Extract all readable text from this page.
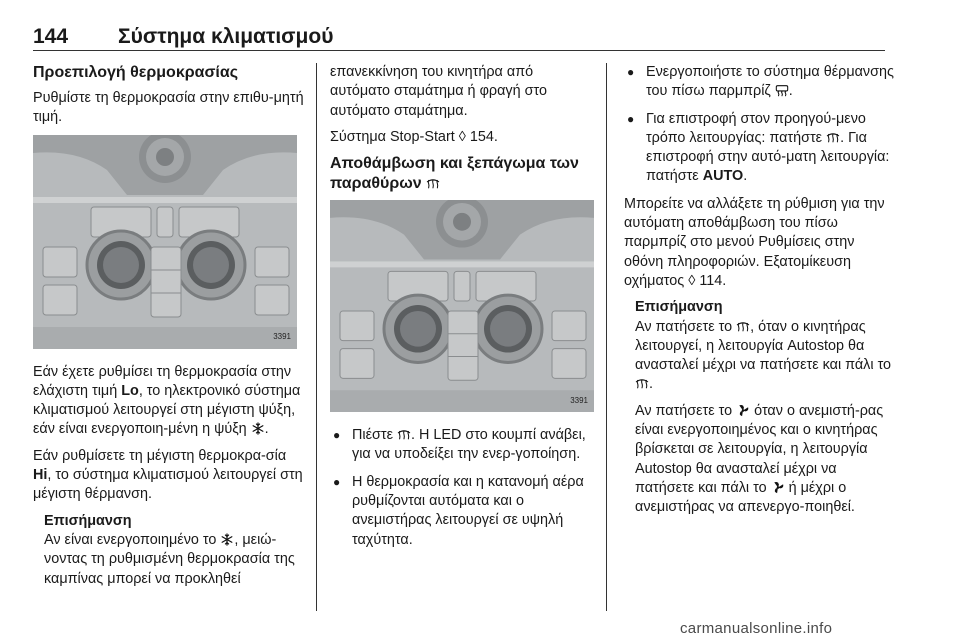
144 Σύστημα κλιματισμού
Προεπιλογή θερμοκρασίας

Ρυθμίστε τη θερμοκρασία στην επιθυ-μητή τιμή.

3391

Εάν έχετε ρυθμίσει τη θερμοκρασία στην ελάχιστη τιμή Lo, το ηλεκτρονικό σύστημα κλιματισμού λειτουργεί στη μέγιστη ψύξη, εάν είναι ενεργοποιη-μένη η ψύξη
.

Εάν ρυθμίσετε τη μέγιστη θερμοκρα-σία Hi, το σύστημα κλιματισμού λειτουργεί στη μέγιστη θέρμανση.

Επισήμανση
Αν είναι ενεργοποιημένο το
, μειώ-νοντας τη ρυθμισμένη θερμοκρασία της καμπίνας μπορεί να προκληθεί

επανεκκίνηση του κινητήρα από αυτόματο σταμάτημα ή φραγή στο αυτόματο σταμάτημα.

Σύστημα Stop-Start ◊ 154.

Αποθάμβωση και ξεπάγωμα των παραθύρων
3391
● Πιέστε
. Η LED στο κουμπί ανάβει, για να υποδείξει την ενερ-γοποίηση.
● Η θερμοκρασία και η κατανομή αέρα ρυθμίζονται αυτόματα και ο ανεμιστήρας λειτουργεί σε υψηλή ταχύτητα.
● Ενεργοποιήστε το σύστημα θέρμανσης του πίσω παρμπρίζ
.
● Για επιστροφή στον προηγού-μενο τρόπο λειτουργίας: πατήστε
. Για επιστροφή στην αυτό-ματη λειτουργία: πατήστε AUTO.

Μπορείτε να αλλάξετε τη ρύθμιση για την αυτόματη αποθάμβωση του πίσω παρμπρίζ στο μενού Ρυθμίσεις στην οθόνη πληροφοριών. Εξατομίκευση οχήματος ◊ 114.

Επισήμανση

Αν πατήσετε το
, όταν ο κινητήρας λειτουργεί, η λειτουργία Autostop θα ανασταλεί μέχρι να πατήσετε και πάλι το
.

Αν πατήσετε το
όταν ο ανεμιστή-ρας είναι ενεργοποιημένος και ο κινητήρας βρίσκεται σε λειτουργία, η λειτουργία Autostop θα ανασταλεί μέχρι να πατήσετε και πάλι το
ή μέχρι ο ανεμιστήρας να απενεργο-ποιηθεί.

carmanualsonline.info
